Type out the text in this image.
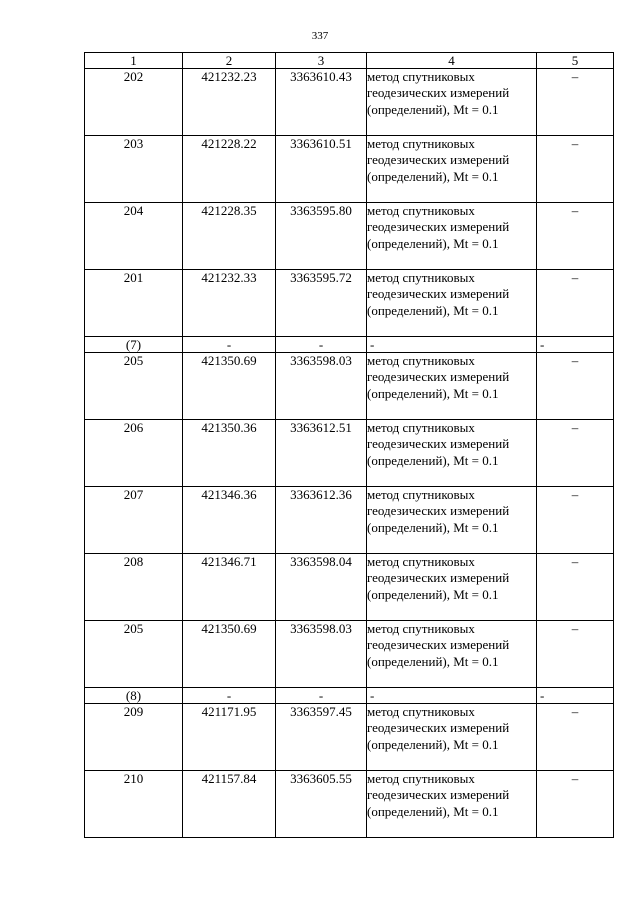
337
1	2	3	4	5
202	421232.23	3363610.43	метод спутниковых геодезических измерений (определений), Mt = 0.1	–
203	421228.22	3363610.51	метод спутниковых геодезических измерений (определений), Mt = 0.1	–
204	421228.35	3363595.80	метод спутниковых геодезических измерений (определений), Mt = 0.1	–
201	421232.33	3363595.72	метод спутниковых геодезических измерений (определений), Mt = 0.1	–
(7)	-	-	-	-
205	421350.69	3363598.03	метод спутниковых геодезических измерений (определений), Mt = 0.1	–
206	421350.36	3363612.51	метод спутниковых геодезических измерений (определений), Mt = 0.1	–
207	421346.36	3363612.36	метод спутниковых геодезических измерений (определений), Mt = 0.1	–
208	421346.71	3363598.04	метод спутниковых геодезических измерений (определений), Mt = 0.1	–
205	421350.69	3363598.03	метод спутниковых геодезических измерений (определений), Mt = 0.1	–
(8)	-	-	-	-
209	421171.95	3363597.45	метод спутниковых геодезических измерений (определений), Mt = 0.1	–
210	421157.84	3363605.55	метод спутниковых геодезических измерений (определений), Mt = 0.1	–
